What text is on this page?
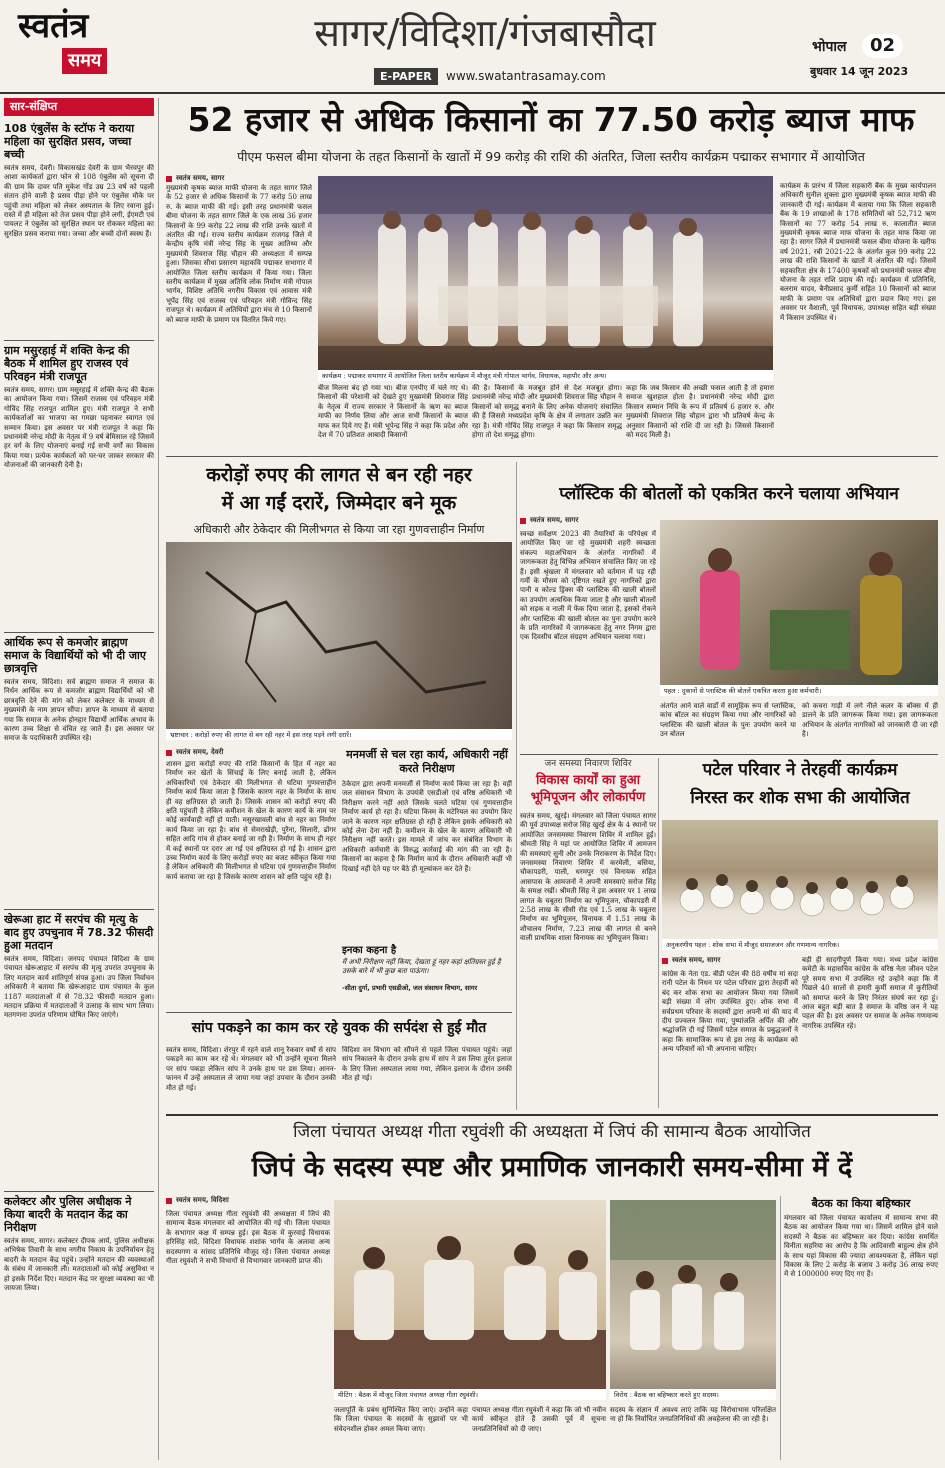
स्वतंत्र
समय
सागर/विदिशा/गंजबासौदा
E-PAPER	www.swatantrasamay.com
भोपाल	02
बुधवार 14 जून 2023
सार-संक्षिप्त
108 एंबुलेंस के स्टॉफ ने कराया महिला का सुरक्षित प्रसव, जच्चा बच्ची
स्वतंत्र समय, देवरी। विकासखंड देवरी के ग्राम भैरवपुर की आशा कार्यकर्ता द्वारा फोन से 108 एंबुलेंस को सूचना दी की ग्राम कि दावर पति मुकेश गोंड उम्र 23 वर्ष को पहली संतान होने वाली है प्रसव पीड़ा होने पर एंबुलेंस मौके पर पहुंची तथा महिला को लेकर अस्पताल के लिए रवाना हुई। रास्ते में ही महिला को तेज प्रसव पीड़ा होने लगी, ईएमटी एवं पायलट ने एंबुलेंस को सुरक्षित स्थान पर रोककर महिला का सुरक्षित प्रसव कराया गया। जच्चा और बच्ची दोनों स्वस्थ हैं।
ग्राम मसुरहाई में शक्ति केन्द्र की बैठक में शामिल हुए राजस्व एवं परिवहन मंत्री राजपूत
स्वतंत्र समय, सागर। ग्राम मसुरहाई में शक्ति केन्द्र की बैठक का आयोजन किया गया। जिसमें राजस्व एवं परिवहन मंत्री गोविंद सिंह राजपूत शामिल हुए। मंत्री राजपूत ने सभी कार्यकर्ताओं का भाजपा का गमछा पहनाकर स्वागत एवं सम्मान किया। इस अवसर पर मंत्री राजपूत ने कहा कि प्रधानमंत्री नरेन्द्र मोदी के नेतृत्व में 9 वर्ष बेमिसाल रहे जिसमें हर वर्ग के लिए योजनाएं बनाई गई सभी वर्गों का विकास किया गया। प्रत्येक कार्यकर्ता को घर-घर जाकर सरकार की योजनाओं की जानकारी देनी है।
आर्थिक रूप से कमजोर ब्राह्मण समाज के विद्यार्थियों को भी दी जाए छात्रवृत्ति
स्वतंत्र समय, विदिशा। सर्व ब्राह्मण समाज ने समाज के निर्धन आर्थिक रूप से कमजोर ब्राह्मण विद्यार्थियों को भी छात्रवृत्ति देने की मांग को लेकर कलेक्टर के माध्यम से मुख्यमंत्री के नाम ज्ञापन सौंपा। ज्ञापन के माध्यम से बताया गया कि समाज के अनेक होनहार विद्यार्थी आर्थिक अभाव के कारण उच्च शिक्षा से वंचित रह जाते हैं। इस अवसर पर समाज के पदाधिकारी उपस्थित रहे।
खेरूआ हाट में सरपंच की मृत्यु के बाद हुए उपचुनाव में 78.32 फीसदी हुआ मतदान
स्वतंत्र समय, विदिशा। जनपद पंचायत विदिशा के ग्राम पंचायत खेरूआहाट में सरपंच की मृत्यु उपरांत उपचुनाव के लिए मतदान कार्य शांतिपूर्ण संपन्न हुआ। उप जिला निर्वाचन अधिकारी ने बताया कि खेरूआहाट ग्राम पंचायत के कुल 1187 मतदाताओं में से 78.32 फीसदी मतदान हुआ। मतदान प्रक्रिया में मतदाताओं ने उत्साह के साथ भाग लिया। मतगणना उपरांत परिणाम घोषित किए जाएंगे।
कलेक्टर और पुलिस अधीक्षक ने किया बादरी के मतदान केंद्र का निरीक्षण
स्वतंत्र समय, सागर। कलेक्टर दीपक आर्य, पुलिस अधीक्षक अभिषेक तिवारी के साथ नगरीय निकाय के उपनिर्वाचन हेतु बादरी के मतदान केंद्र पहुंचे। उन्होंने मतदान की व्यवस्थाओं के संबंध में जानकारी ली। मतदाताओं को कोई असुविधा न हो इसके निर्देश दिए। मतदान केंद्र पर सुरक्षा व्यवस्था का भी जायजा लिया।
52 हजार से अधिक किसानों का 77.50 करोड़ ब्याज माफ
पीएम फसल बीमा योजना के तहत किसानों के खातों में 99 करोड़ की राशि की अंतरित, जिला स्तरीय कार्यक्रम पद्माकर सभागार में आयोजित
स्वतंत्र समय, सागर
कार्यक्रम : पद्माकर सभागार में आयोजित जिला स्तरीय कार्यक्रम में मौजूद मंत्री गोपाल भार्गव, विधायक, महापौर और अन्य।
मुख्यमंत्री कृषक ब्याज माफी योजना के तहत सागर जिले के 52 हजार से अधिक किसानों के 77 करोड़ 50 लाख रु. के ब्याज माफी की गई। इसी तरह प्रधानमंत्री फसल बीमा योजना के तहत सागर जिले के एक लाख 36 हजार किसानों के 99 करोड़ 22 लाख की राशि उनके खातों में अंतरित की गई। राज्य स्तरीय कार्यक्रम राजगढ़ जिले में केन्द्रीय कृषि मंत्री नरेन्द्र सिंह के मुख्य आतिथ्य और मुख्यमंत्री शिवराज सिंह चौहान की अध्यक्षता में सम्पन्न हुआ। जिसका सीधा प्रसारण महाकवि पद्माकर सभागार में आयोजित जिला स्तरीय कार्यक्रम में किया गया। जिला स्तरीय कार्यक्रम में मुख्य अतिथि लोक निर्माण मंत्री गोपाल भार्गव, विशिष्ट अतिथि नगरीय विकास एवं आवास मंत्री भूपेंद्र सिंह एवं राजस्व एवं परिवहन मंत्री गोविन्द सिंह राजपूत थे। कार्यक्रम में अतिथियों द्वारा मंच से 10 किसानों को ब्याज माफी के प्रमाण पत्र वितरित किये गए।
बीज मिलना बंद हो गया था। बीज एनपीए में चले गए थे। किसानों की परेशानी को देखते हुए मुख्यमंत्री शिवराज सिंह के नेतृत्व में राज्य सरकार ने किसानों के ऋण का ब्याज माफी का निर्णय लिया और आज सभी किसानों के ब्याज माफ कर दिये गए हैं। मंत्री भूपेन्द्र सिंह ने कहा कि प्रदेश और देश में 70 प्रतिशत आबादी किसानों
की है। किसानों के मजबूत होने से देश मजबूत होगा। प्रधानमंत्री नरेन्द्र मोदी और मुख्यमंत्री शिवराज सिंह चौहान ने किसानों को समृद्ध बनाने के लिए अनेक योजनाएं संचालित की हैं जिससे मध्यप्रदेश कृषि के क्षेत्र में लगातार उन्नति कर रहा है। मंत्री गोविंद सिंह राजपूत ने कहा कि किसान समृद्ध होगा तो देश समृद्ध होगा।
कहा कि जब किसान की अच्छी फसल आती है तो हमारा समाज खुशहाल होता है। प्रधानमंत्री नरेन्द्र मोदी द्वारा किसान सम्मान निधि के रूप में प्रतिवर्ष 6 हजार रु. और मुख्यमंत्री शिवराज सिंह चौहान द्वारा भी प्रतिवर्ष केन्द्र के अनुसार किसानों को राशि दी जा रही है। जिससे किसानों को मदद मिली है।
कार्यक्रम के प्रारंभ में जिला सहकारी बैंक के मुख्य कार्यपालन अधिकारी सुनील शुक्ला द्वारा मुख्यमंत्री कृषक ब्याज माफी की जानकारी दी गई। कार्यक्रम में बताया गया कि जिला सहकारी बैंक के 19 शाखाओं के 178 समितियों को 52,712 ऋण किसानों का 77 करोड़ 54 लाख रु. कालातीत ब्याज मुख्यमंत्री कृषक ब्याज माफ योजना के तहत माफ किया जा रहा है। सागर जिले में प्रधानमंत्री फसल बीमा योजना के खरीफ वर्ष 2021, रबी 2021-22 के अंतर्गत कुल 99 करोड़ 22 लाख की राशि किसानों के खातों में अंतरित की गई। जिसमें सहकारिता क्षेत्र के 17400 कृषकों को प्रधानमंत्री फसल बीमा योजना के तहत राशि प्रदाय की गई। कार्यक्रम में प्रतिनिधि, बलराम यादव, बैनीप्रसाद कुर्मी सहित 10 किसानों को ब्याज माफी के प्रमाण पत्र अतिथियों द्वारा प्रदान किए गए। इस अवसर पर वैशाली, पूर्व विधायक, उपाध्यक्ष सहित बड़ी संख्या में किसान उपस्थित थे।
करोड़ों रुपए की लागत से बन रही नहर
में आ गईं दरारें, जिम्मेदार बने मूक
अधिकारी और ठेकेदार की मिलीभगत से किया जा रहा गुणवत्ताहीन निर्माण
भ्रष्टाचार : करोड़ों रुपए की लागत से बन रही नहर में इस तरह पड़ने लगी दरारें।
स्वतंत्र समय, देवरी
शासन द्वारा करोड़ों रुपए की राशि किसानों के हित में नहर का निर्माण कर खेतों के सिंचाई के लिए बनाई जाती है, लेकिन अधिकारियों एवं ठेकेदार की मिलीभगत से घटिया गुणवत्ताहीन निर्माण कार्य किया जाता है जिसके कारण नहर के निर्माण के साथ ही वह क्षतिग्रस्त हो जाती है। जिसके शासन को करोड़ों रुपए की क्षति पहुंचती है लेकिन कमीशन के खेल के कारण कार्य के नाम पर कोई कार्यवाही नहीं हो पाती। मसुरखावली बांध से नहर का निर्माण कार्य किया जा रहा है। बांध से सेमराखेड़ी, पुरैना, सिलारी, ढोंगर सहित आदि गांव से होकर बनाई जा रही है। निर्माण के साथ ही नहर में कई स्थानों पर दरार आ गई एवं क्षतिग्रस्त हो गई है। शासन द्वारा उच्च निर्माण कार्य के लिए करोड़ों रुपए का बजट स्वीकृत किया गया है लेकिन अधिकारी की मिलीभगत से घटिया एवं गुणवत्ताहीन निर्माण कार्य कराया जा रहा है जिसके कारण शासन को क्षति पहुंच रही है।
मनमर्जी से चल रहा कार्य, अधिकारी नहीं करते निरीक्षण
ठेकेदार द्वारा अपनी मनमर्जी से निर्माण कार्य किया जा रहा है। वहीं जल संसाधन विभाग के उपयंत्री एसडीओ एवं वरिष्ठ अधिकारी भी निरीक्षण करने नहीं आते जिसके चलते घटिया एवं गुणवत्ताहीन निर्माण कार्य हो रहा है। घटिया किस्म के मटेरियल का उपयोग किए जाने के कारण नहर क्षतिग्रस्त हो रही है लेकिन इसके अधिकारी को कोई लेना देना नहीं है। कमीशन के खेल के कारण अधिकारी भी निरीक्षण नहीं करते। इस मामले में जांच कर संबंधित विभाग के अधिकारी कर्मचारी के विरुद्ध कार्रवाई की मांग की जा रही है। किसानों का कहना है कि निर्माण कार्य के दौरान अधिकारी कहीं भी दिखाई नहीं देते यह पर बैठे ही मूल्यांकन कर देते हैं।
इनका कहना है
मैं अभी निरीक्षण नहीं किया, देखता हूं नहर कहां क्षतिग्रस्त हुई है उसके बारे में भी कुछ बता पाऊंगा।
-सीता दुर्गा, प्रभारी एसडीओ, जल संसाधन विभाग, सागर
सांप पकड़ने का काम कर रहे युवक की सर्पदंश से हुई मौत
स्वतंत्र समय, विदिशा। शेरपुर में रहने वाले शानू रैकवार वर्षों से सांप पकड़ने का काम कर रहे थे। मंगलवार को भी उन्होंने सूचना मिलने पर सांप पकड़ा लेकिन सांप ने उनके हाथ पर डस लिया। आनन-फानन में उन्हें अस्पताल ले जाया गया जहां उपचार के दौरान उनकी मौत हो गई।
विदिशा वन विभाग को सौंपने से पहले जिला पंचायत पहुंचे। जहां सांप निकालने के दौरान उनके हाथ में सांप ने डस लिया तुरंत इलाज के लिए जिला अस्पताल लाया गया, लेकिन इलाज के दौरान उनकी मौत हो गई।
प्लॉस्टिक की बोतलों को एकत्रित करने चलाया अभियान
स्वतंत्र समय, सागर
स्वच्छ सर्वेक्षण 2023 की तैयारियों के परिपेक्ष्य में आयोजित किए जा रहे मुख्यमंत्री शहरी स्वच्छता संकल्प महाअभियान के अंतर्गत नागरिकों में जागरूकता हेतु विभिन्न अभियान संचालित किए जा रहे हैं। इसी श्रृंखला में मंगलवार को वर्तमान में पड़ रही गर्मी के मौसम को दृष्टिगत रखते हुए नागरिकों द्वारा पानी व कोल्ड ड्रिंक्स की प्लास्टिक की खाली बोतलों का उपयोग अत्यधिक किया जाता है और खाली बोतलों को सड़क व नाली में फेंक दिया जाता है, इसको रोकने और प्लास्टिक की खाली बोतल का पुनः उपयोग करने के प्रति नागरिकों में जागरूकता हेतु नगर निगम द्वारा एक दिवसीय बॉटल संग्रहण अभियान चलाया गया।
पहल : दुकानों से प्लास्टिक की बोतलें एकत्रित करता हुआ कर्मचारी।
अंतर्गत आने वाले वार्डों में सामूहिक रूप से प्लास्टिक, कांच बॉटल का संग्रहण किया गया और नागरिकों को प्लास्टिक की खाली बोतल के पुनः उपयोग करने या उन बोतल
को कचरा गाड़ी में लगे नीले कलर के बॉक्स में ही डालने के प्रति जागरूक किया गया। इस जागरूकता अभियान के अंतर्गत नागरिकों को जानकारी दी जा रही है।
जन समस्या निवारण शिविर
विकास कार्यों का हुआ भूमिपूजन और लोकार्पण
स्वतंत्र समय, खुरई। मंगलवार को जिला पंचायत सागर की पूर्व उपाध्यक्ष सरोज सिंह खुरई क्षेत्र के 4 स्थानों पर आयोजित जनसमस्या निवारण शिविर में शामिल हुईं। श्रीमती सिंह ने यहां पर आयोजित शिविर में आमजन की समस्याएं सुनी और उनके निराकरण के निर्देश दिए। जनसमस्या निवारण शिविर में करमेली, बसिया, चौकापडरी, पाली, धरमपुर एवं विनायक सहित आसपास के आमजनों ने अपनी समस्याएं सरोज सिंह के समक्ष रखीं। श्रीमती सिंह ने इस अवसर पर 1 लाख लागत के चबूतरा निर्माण का भूमिपूजन, चौकापडरी में 2.58 लाख के सीसी रोड एवं 1.5 लाख के चबूतरा निर्माण का भूमिपूजन, विनायक में 1.51 लाख के शौचालय निर्माण, 7.23 लाख की लागत से बनने वाली प्राथमिक शाला विनायक का भूमिपूजन किया।
पटेल परिवार ने तेरहवीं कार्यक्रम
निरस्त कर शोक सभा की आयोजित
अनुकरणीय पहल : शोक सभा में मौजूद समाजजन और गणमान्य नागरिक।
स्वतंत्र समय, सागर
कांग्रेस के नेता एड. बीडी पटेल की 88 वर्षीय मां सदा रानी पटेल के निधन पर पटेल परिवार द्वारा तेरहवीं को बंद कर शोक सभा का आयोजन किया गया जिसमें बड़ी संख्या में लोग उपस्थित हुए। शोक सभा में सर्वप्रथम परिवार के सदस्यों द्वारा अपनी मां की याद में दीप प्रज्वलन किया गया, पुष्पांजलि अर्पित की और श्रद्धांजलि दी गई जिसमें पटेल समाज के प्रबुद्धजनों ने कहा कि सामाजिक रूप से इस तरह के कार्यक्रम को अन्य परिवारों को भी अपनाना चाहिए।
बड़ी ही सादगीपूर्ण किया गया। मध्य प्रदेश कांग्रेस कमेटी के महासचिव कांग्रेस के वरिष्ठ नेता जीवन पटेल पूरे समय सभा में उपस्थित रहे उन्होंने कहा कि मैं पिछले 40 सालों से हमारी कुर्मी समाज में कुरीतियों को समाप्त करने के लिए निरंतर संघर्ष कर रहा हूं। आज बहुत बड़ी बात है समाज के वरिष्ठ जन ने यह पहल की है। इस अवसर पर समाज के अनेक गणमान्य नागरिक उपस्थित रहे।
जिला पंचायत अध्यक्ष गीता रघुवंशी की अध्यक्षता में जिपं की सामान्य बैठक आयोजित
जिपं के सदस्य स्पष्ट और प्रमाणिक जानकारी समय-सीमा में दें
स्वतंत्र समय, विदिशा
जिला पंचायत अध्यक्ष गीता रघुवंशी की अध्यक्षता में जिपं की सामान्य बैठक मंगलवार को आयोजित की गई थी। जिला पंचायत के सभागार कक्ष में सम्पन्न हुई। इस बैठक में कुरवाई विधायक हरिसिंह सप्रे, विदिशा विधायक शशांक भार्गव के अलावा अन्य सदस्यगण व सांसद प्रतिनिधि मौजूद रहे। जिला पंचायत अध्यक्ष गीता रघुवंशी ने सभी विभागों से विभागवार जानकारी प्राप्त की।
मीटिंग : बैठक में मौजूद जिला पंचायत अध्यक्ष गीता रघुवंशी।
जलापूर्ति के प्रबंध सुनिश्चित किए जाएं। उन्होंने कहा कि जिला पंचायत के सदस्यों के सुझावों पर भी संवेदनशील होकर अमल किया जाए।
पंचायत अध्यक्ष गीता रघुवंशी ने कहा कि जो भी नवीन कार्य स्वीकृत होते हैं उसकी पूर्व में सूचना जनप्रतिनिधियों को दी जाए।
विरोध : बैठक का बहिष्कार करते हुए सदस्य।
सदस्य के संज्ञान में अवश्य लाएं ताकि यह विरोधाभास परिलक्षित ना हो कि निर्वाचित जनप्रतिनिधियों की अवहेलना की जा रही है।
बैठक का किया बहिष्कार
मंगलवार को जिला पंचायत कार्यालय में सामान्य सभा की बैठक का आयोजन किया गया था। जिसमें शामिल होने वाले सदस्यों ने बैठक का बहिष्कार कर दिया। कांग्रेस समर्थित विनीता सहरिया का आरोप है कि आदिवासी बाहुल्य क्षेत्र होने के साथ यहां विकास की ज्यादा आवश्यकता है, लेकिन यहां विकास के लिए 2 करोड़ के बजाय 3 करोड़ 36 लाख रुपए में से 1000000 रुपए दिए गए हैं।
